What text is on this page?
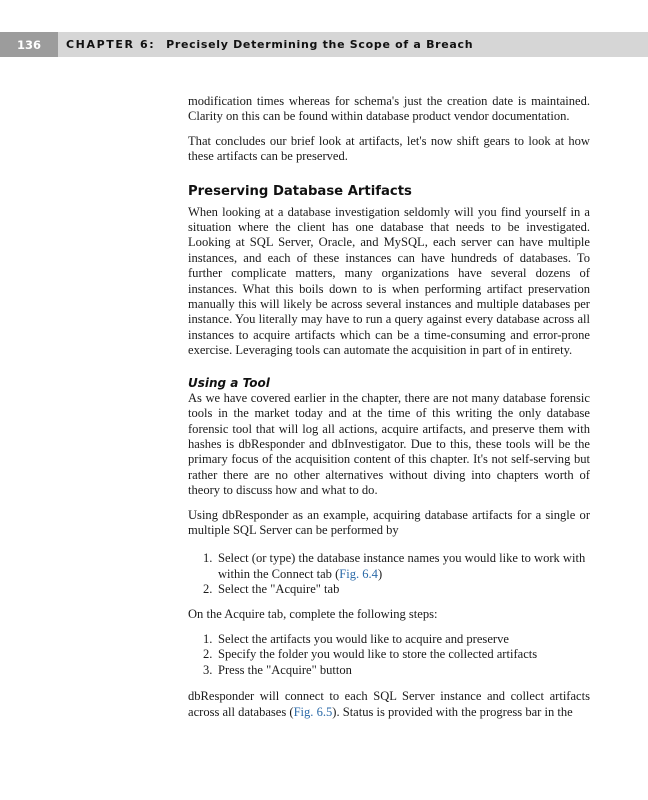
136	CHAPTER 6:
Precisely Determining the Scope of a Breach

modification times whereas for schema's just the creation date is maintained. Clarity on this can be found within database product vendor documentation.

That concludes our brief look at artifacts, let's now shift gears to look at how these artifacts can be preserved.

Preserving Database Artifacts

When looking at a database investigation seldomly will you find yourself in a situation where the client has one database that needs to be investigated. Looking at SQL Server, Oracle, and MySQL, each server can have multiple instances, and each of these instances can have hundreds of databases. To further complicate matters, many organizations have several dozens of instances. What this boils down to is when performing artifact preservation manually this will likely be across several instances and multiple databases per instance. You literally may have to run a query against every database across all instances to acquire artifacts which can be a time-consuming and error-prone exercise. Leveraging tools can automate the acquisition in part of in entirety.

Using a Tool

As we have covered earlier in the chapter, there are not many database forensic tools in the market today and at the time of this writing the only database forensic tool that will log all actions, acquire artifacts, and preserve them with hashes is dbResponder and dbInvestigator. Due to this, these tools will be the primary focus of the acquisition content of this chapter. It's not self-serving but rather there are no other alternatives without diving into chapters worth of theory to discuss how and what to do.

Using dbResponder as an example, acquiring database artifacts for a single or multiple SQL Server can be performed by

1. Select (or type) the database instance names you would like to work with within the Connect tab (Fig. 6.4)
2. Select the "Acquire" tab

On the Acquire tab, complete the following steps:

1. Select the artifacts you would like to acquire and preserve
2. Specify the folder you would like to store the collected artifacts
3. Press the "Acquire" button

dbResponder will connect to each SQL Server instance and collect artifacts across all databases (Fig. 6.5). Status is provided with the progress bar in the
